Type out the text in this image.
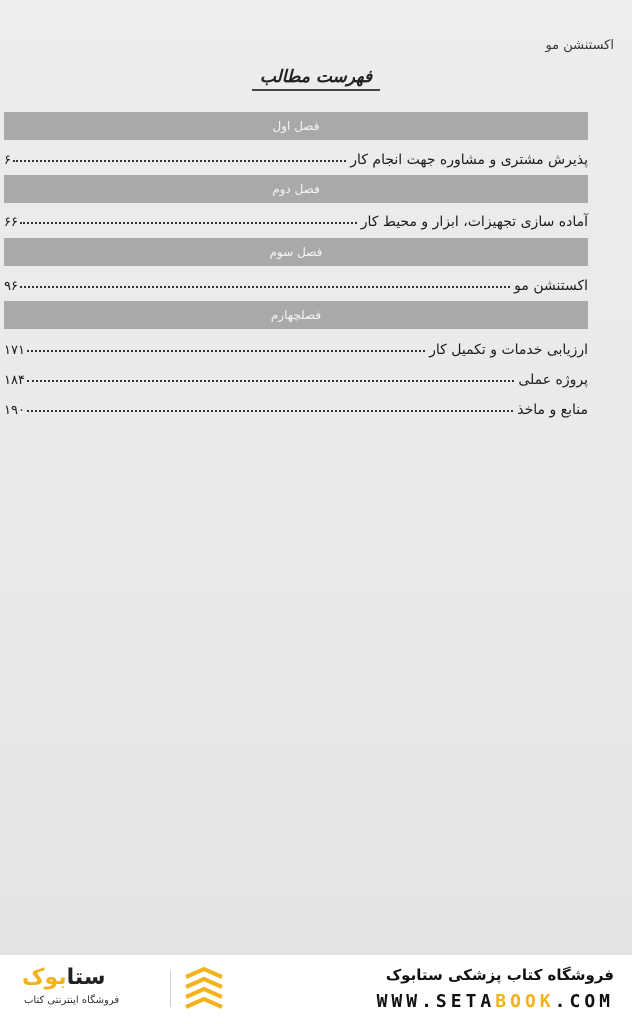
اکستنشن مو
فهرست مطالب
فصل اول
پذیرش مشتری و مشاوره جهت انجام کار
۶
فصل دوم
آماده سازی تجهیزات، ابزار و محیط کار
۶۶
فصل سوم
اکستنشن مو
۹۶
فصلچهارم
ارزیابی خدمات و تکمیل کار
۱۷۱
پروژه عملی
۱۸۴
منابع و ماخذ
۱۹۰
فروشگاه کتاب پزشکی ستابوک
WWW.SETABOOK.COM
ستابوک
فروشگاه اینترنتی کتاب
